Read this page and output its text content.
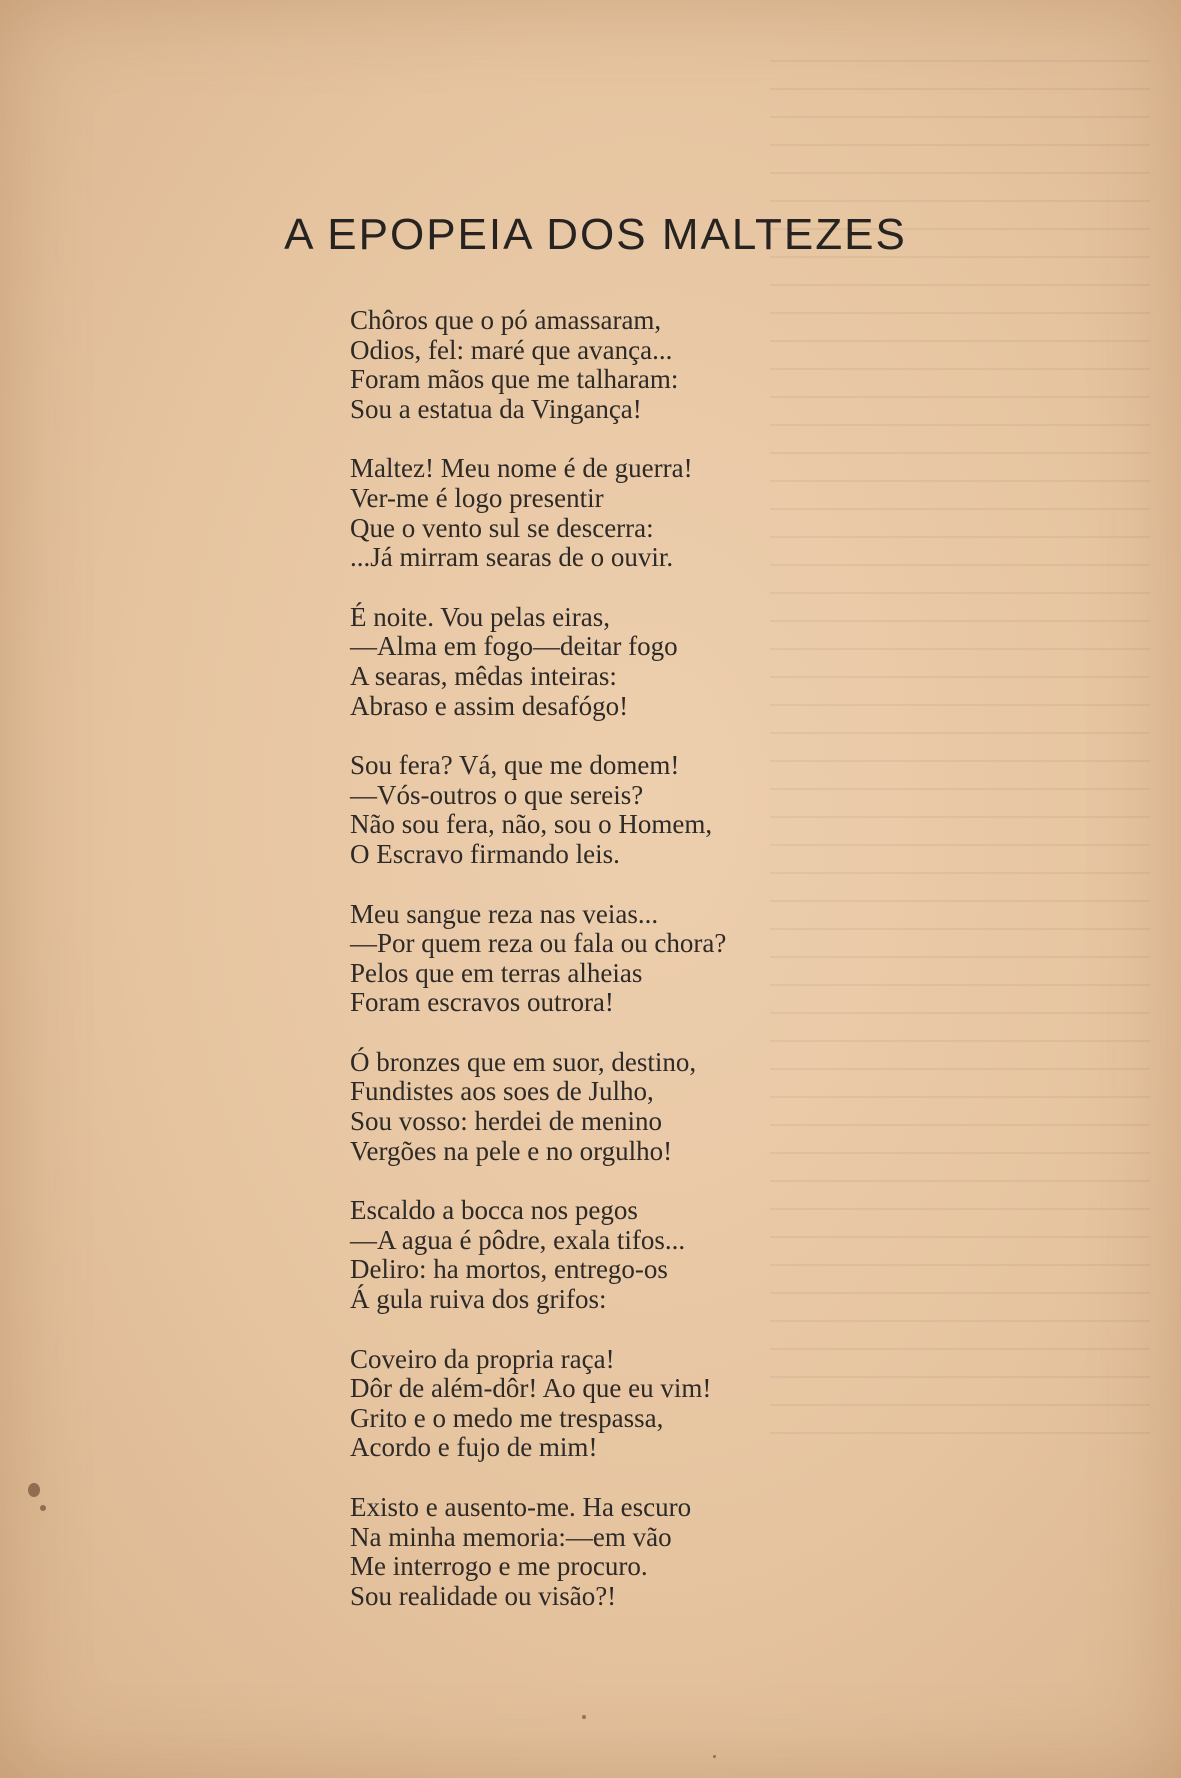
A EPOPEIA DOS MALTEZES
Chôros que o pó amassaram,
Odios, fel: maré que avança...
Foram mãos que me talharam:
Sou a estatua da Vingança!
Maltez! Meu nome é de guerra!
Ver-me é logo presentir
Que o vento sul se descerra:
...Já mirram searas de o ouvir.
É noite. Vou pelas eiras,
—Alma em fogo—deitar fogo
A searas, mêdas inteiras:
Abraso e assim desafógo!
Sou fera? Vá, que me domem!
—Vós-outros o que sereis?
Não sou fera, não, sou o Homem,
O Escravo firmando leis.
Meu sangue reza nas veias...
—Por quem reza ou fala ou chora?
Pelos que em terras alheias
Foram escravos outrora!
Ó bronzes que em suor, destino,
Fundistes aos soes de Julho,
Sou vosso: herdei de menino
Vergões na pele e no orgulho!
Escaldo a bocca nos pegos
—A agua é pôdre, exala tifos...
Deliro: ha mortos, entrego-os
Á gula ruiva dos grifos:
Coveiro da propria raça!
Dôr de além-dôr! Ao que eu vim!
Grito e o medo me trespassa,
Acordo e fujo de mim!
Existo e ausento-me. Ha escuro
Na minha memoria:—em vão
Me interrogo e me procuro.
Sou realidade ou visão?!
